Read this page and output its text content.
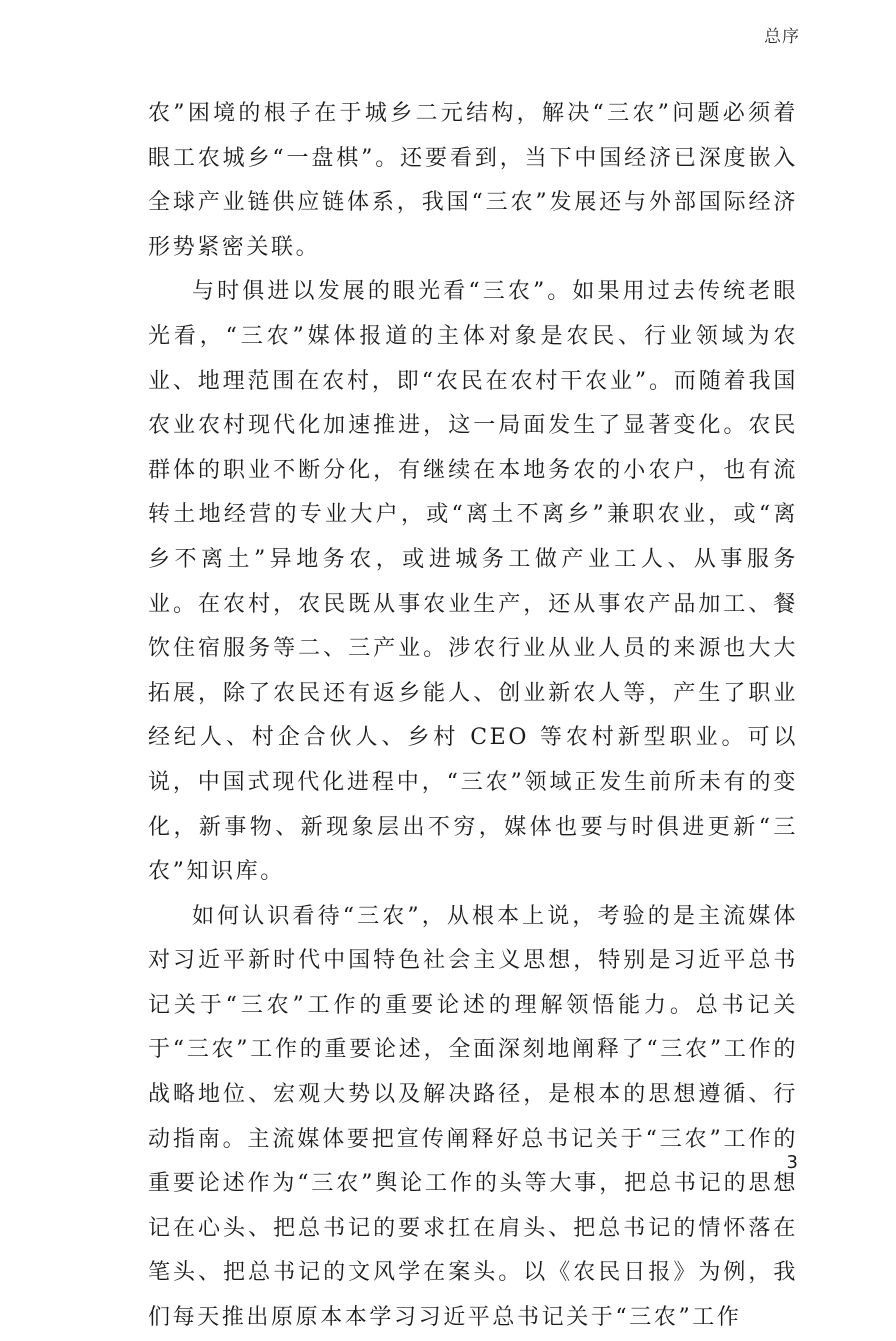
总序

农”困境的根子在于城乡二元结构，解决“三农”问题必须着眼工农城乡“一盘棋”。还要看到，当下中国经济已深度嵌入全球产业链供应链体系，我国“三农”发展还与外部国际经济形势紧密关联。

与时俱进以发展的眼光看“三农”。如果用过去传统老眼光看，“三农”媒体报道的主体对象是农民、行业领域为农业、地理范围在农村，即“农民在农村干农业”。而随着我国农业农村现代化加速推进，这一局面发生了显著变化。农民群体的职业不断分化，有继续在本地务农的小农户，也有流转土地经营的专业大户，或“离土不离乡”兼职农业，或“离乡不离土”异地务农，或进城务工做产业工人、从事服务业。在农村，农民既从事农业生产，还从事农产品加工、餐饮住宿服务等二、三产业。涉农行业从业人员的来源也大大拓展，除了农民还有返乡能人、创业新农人等，产生了职业经纪人、村企合伙人、乡村 CEO 等农村新型职业。可以说，中国式现代化进程中，“三农”领域正发生前所未有的变化，新事物、新现象层出不穷，媒体也要与时俱进更新“三农”知识库。

如何认识看待“三农”，从根本上说，考验的是主流媒体对习近平新时代中国特色社会主义思想，特别是习近平总书记关于“三农”工作的重要论述的理解领悟能力。总书记关于“三农”工作的重要论述，全面深刻地阐释了“三农”工作的战略地位、宏观大势以及解决路径，是根本的思想遵循、行动指南。主流媒体要把宣传阐释好总书记关于“三农”工作的重要论述作为“三农”舆论工作的头等大事，把总书记的思想记在心头、把总书记的要求扛在肩头、把总书记的情怀落在笔头、把总书记的文风学在案头。以《农民日报》为例，我们每天推出原原本本学习习近平总书记关于“三农”工作

3
